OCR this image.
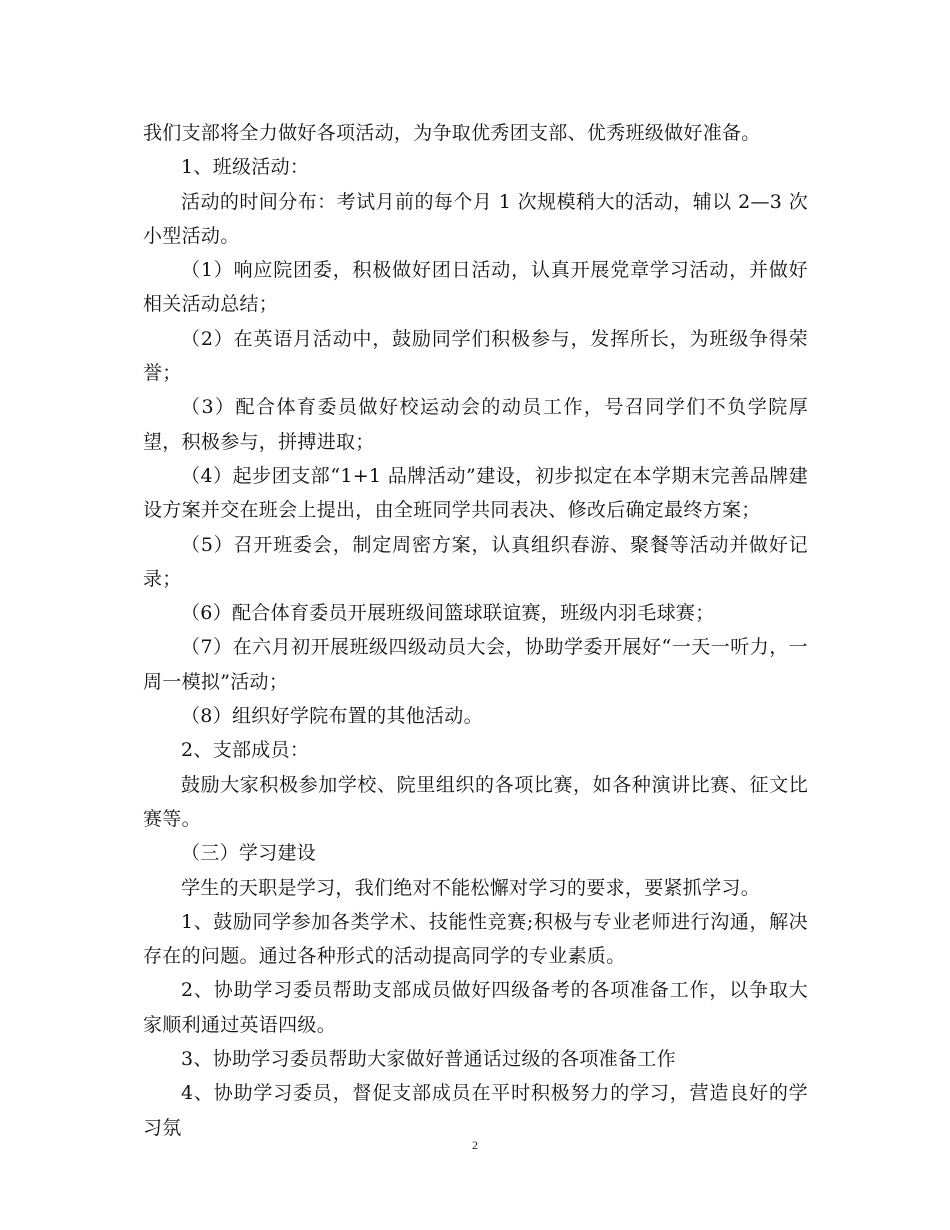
我们支部将全力做好各项活动，为争取优秀团支部、优秀班级做好准备。

1、班级活动：

活动的时间分布：考试月前的每个月 1 次规模稍大的活动，辅以 2—3 次小型活动。

（1）响应院团委，积极做好团日活动，认真开展党章学习活动，并做好相关活动总结；

（2）在英语月活动中，鼓励同学们积极参与，发挥所长，为班级争得荣誉；

（3）配合体育委员做好校运动会的动员工作，号召同学们不负学院厚望，积极参与，拼搏进取；

（4）起步团支部“1+1 品牌活动”建设，初步拟定在本学期末完善品牌建设方案并交在班会上提出，由全班同学共同表决、修改后确定最终方案；

（5）召开班委会，制定周密方案，认真组织春游、聚餐等活动并做好记录；

（6）配合体育委员开展班级间篮球联谊赛，班级内羽毛球赛；

（7）在六月初开展班级四级动员大会，协助学委开展好“一天一听力，一周一模拟”活动；

（8）组织好学院布置的其他活动。

2、支部成员：

鼓励大家积极参加学校、院里组织的各项比赛，如各种演讲比赛、征文比赛等。

（三）学习建设

学生的天职是学习，我们绝对不能松懈对学习的要求，要紧抓学习。

1、鼓励同学参加各类学术、技能性竞赛;积极与专业老师进行沟通，解决存在的问题。通过各种形式的活动提高同学的专业素质。

2、协助学习委员帮助支部成员做好四级备考的各项准备工作，以争取大家顺利通过英语四级。

3、协助学习委员帮助大家做好普通话过级的各项准备工作

4、协助学习委员，督促支部成员在平时积极努力的学习，营造良好的学习氛

2
